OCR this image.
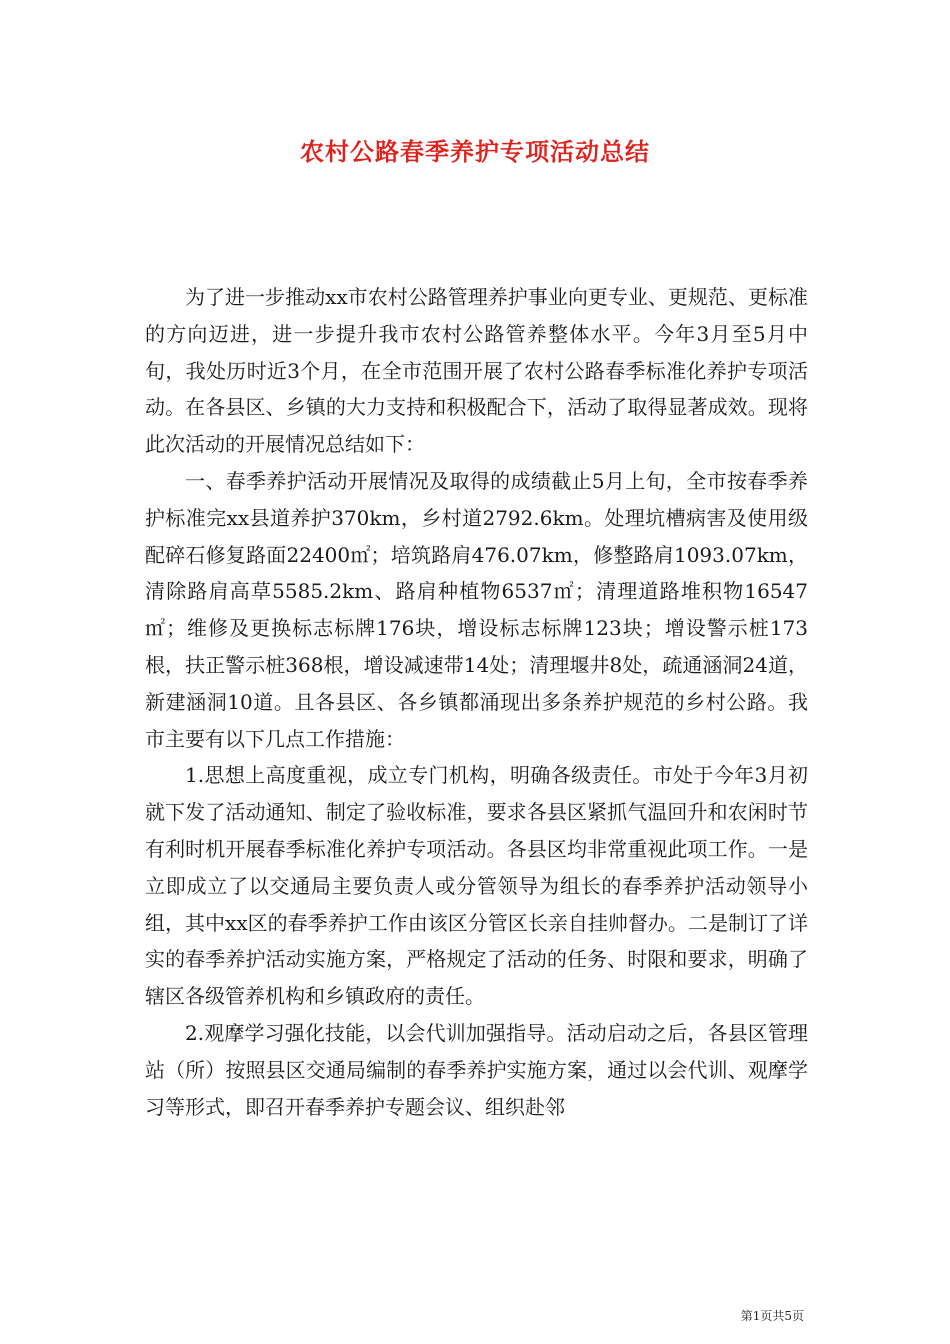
农村公路春季养护专项活动总结

为了进一步推动xx市农村公路管理养护事业向更专业、更规范、更标准的方向迈进，进一步提升我市农村公路管养整体水平。今年3月至5月中旬，我处历时近3个月，在全市范围开展了农村公路春季标准化养护专项活动。在各县区、乡镇的大力支持和积极配合下，活动了取得显著成效。现将此次活动的开展情况总结如下：

一、春季养护活动开展情况及取得的成绩截止5月上旬，全市按春季养护标准完xx县道养护370km，乡村道2792.6km。处理坑槽病害及使用级配碎石修复路面22400㎡；培筑路肩476.07km，修整路肩1093.07km，清除路肩高草5585.2km、路肩种植物6537㎡；清理道路堆积物16547㎡；维修及更换标志标牌176块，增设标志标牌123块；增设警示桩173根，扶正警示桩368根，增设减速带14处；清理堰井8处，疏通涵洞24道，新建涵洞10道。且各县区、各乡镇都涌现出多条养护规范的乡村公路。我市主要有以下几点工作措施：

1.思想上高度重视，成立专门机构，明确各级责任。市处于今年3月初就下发了活动通知、制定了验收标准，要求各县区紧抓气温回升和农闲时节有利时机开展春季标准化养护专项活动。各县区均非常重视此项工作。一是立即成立了以交通局主要负责人或分管领导为组长的春季养护活动领导小组，其中xx区的春季养护工作由该区分管区长亲自挂帅督办。二是制订了详实的春季养护活动实施方案，严格规定了活动的任务、时限和要求，明确了辖区各级管养机构和乡镇政府的责任。

2.观摩学习强化技能，以会代训加强指导。活动启动之后，各县区管理站（所）按照县区交通局编制的春季养护实施方案，通过以会代训、观摩学习等形式，即召开春季养护专题会议、组织赴邻

第1页共5页
